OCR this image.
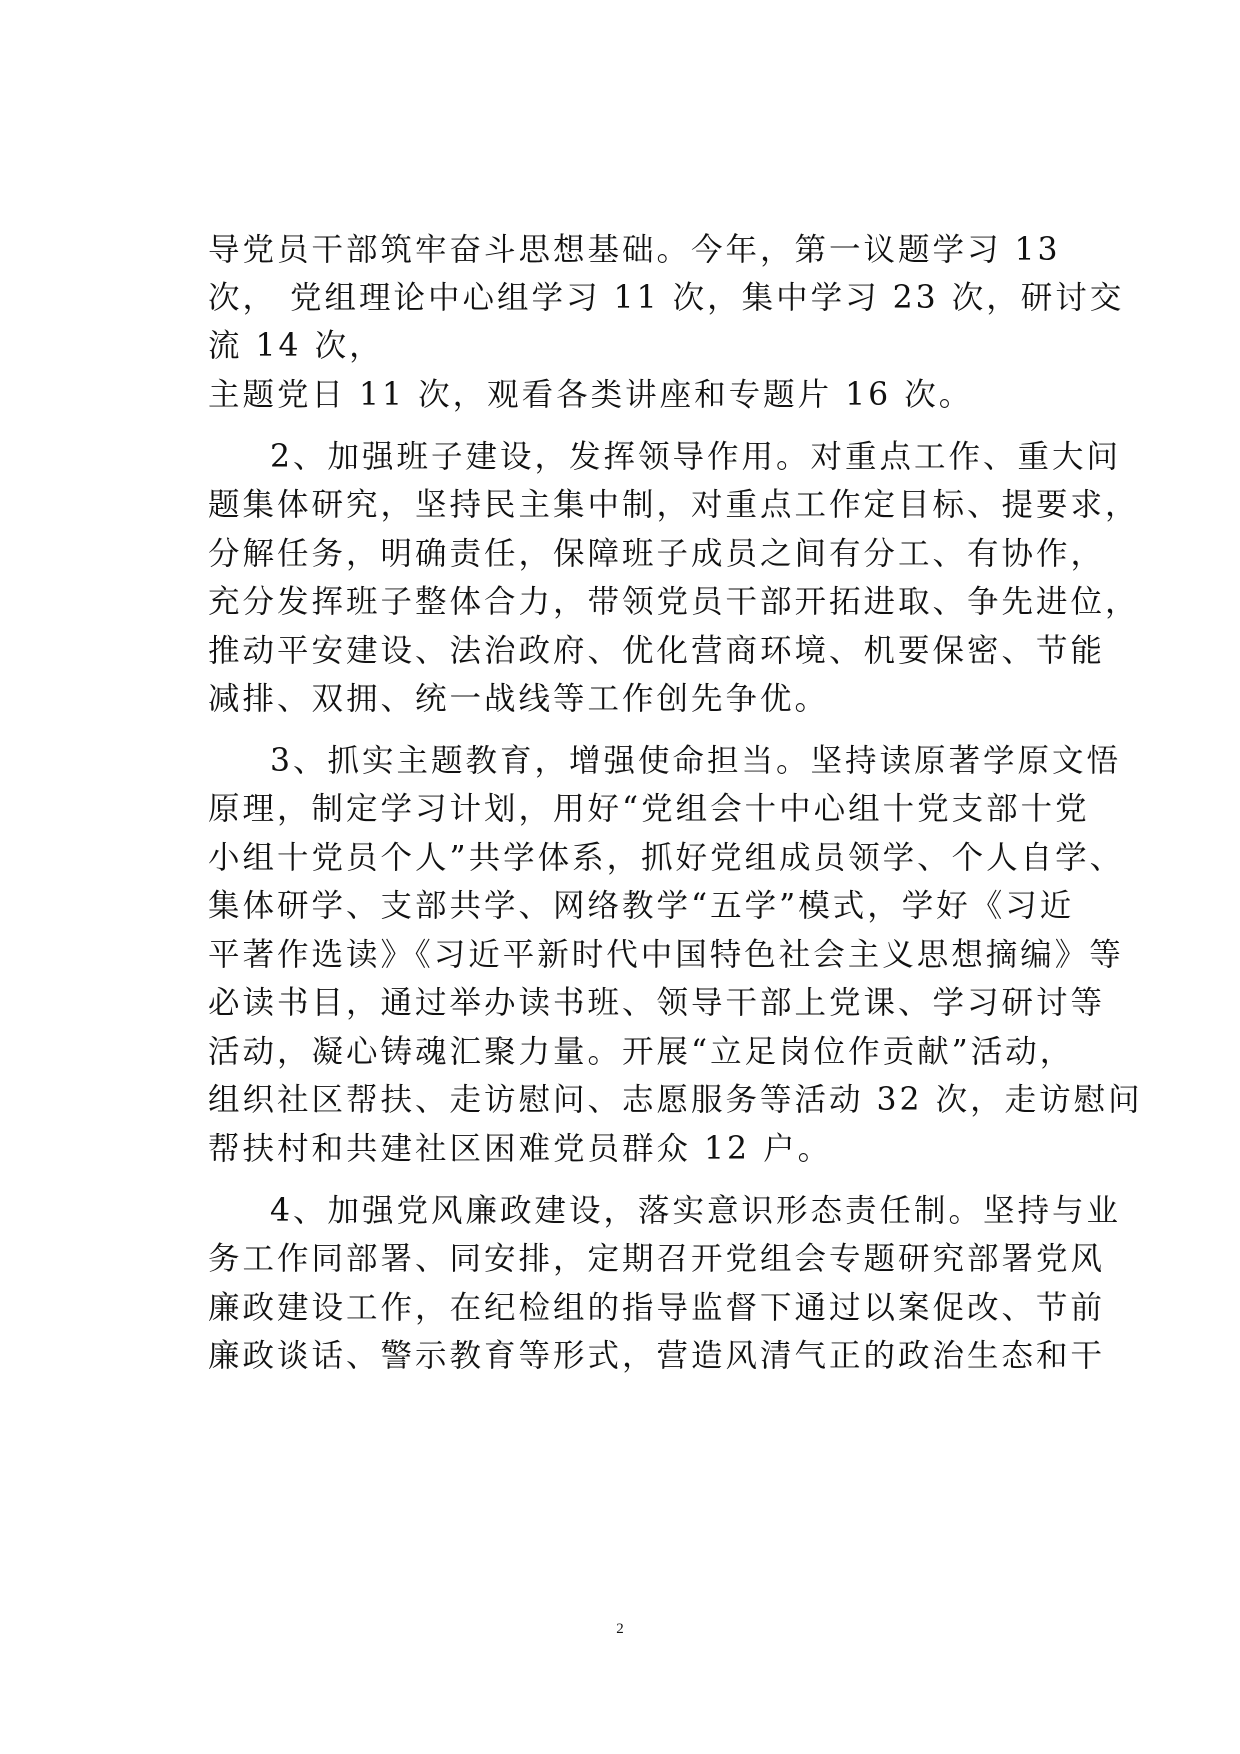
导党员干部筑牢奋斗思想基础。今年，第一议题学习 13
次， 党组理论中心组学习 11 次，集中学习 23 次，研讨交
流 14 次，
主题党日 11 次，观看各类讲座和专题片 16 次。
2、加强班子建设，发挥领导作用。对重点工作、重大问
题集体研究，坚持民主集中制，对重点工作定目标、提要求，
分解任务，明确责任，保障班子成员之间有分工、有协作，
充分发挥班子整体合力，带领党员干部开拓进取、争先进位，
推动平安建设、法治政府、优化营商环境、机要保密、节能
减排、双拥、统一战线等工作创先争优。
3、抓实主题教育，增强使命担当。坚持读原著学原文悟
原理，制定学习计划，用好“党组会十中心组十党支部十党
小组十党员个人”共学体系，抓好党组成员领学、个人自学、
集体研学、支部共学、网络教学“五学”模式，学好《习近
平著作选读》《习近平新时代中国特色社会主义思想摘编》等
必读书目，通过举办读书班、领导干部上党课、学习研讨等
活动，凝心铸魂汇聚力量。开展“立足岗位作贡献”活动，
组织社区帮扶、走访慰问、志愿服务等活动 32 次，走访慰问
帮扶村和共建社区困难党员群众 12 户。
4、加强党风廉政建设，落实意识形态责任制。坚持与业
务工作同部署、同安排，定期召开党组会专题研究部署党风
廉政建设工作，在纪检组的指导监督下通过以案促改、节前
廉政谈话、警示教育等形式，营造风清气正的政治生态和干
2
